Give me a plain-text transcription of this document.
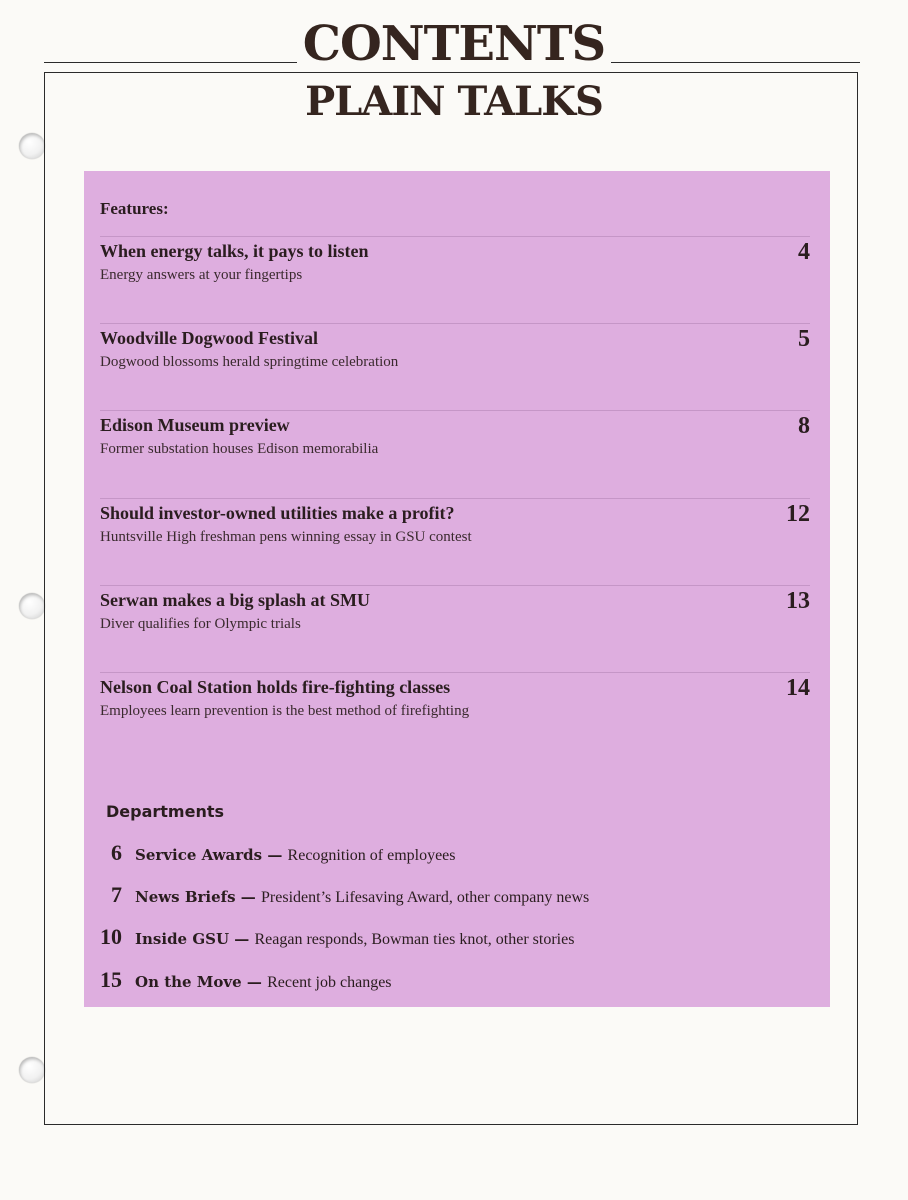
CONTENTS
PLAIN TALKS
Features:
When energy talks, it pays to listen
Energy answers at your fingertips
4
Woodville Dogwood Festival
Dogwood blossoms herald springtime celebration
5
Edison Museum preview
Former substation houses Edison memorabilia
8
Should investor-owned utilities make a profit?
Huntsville High freshman pens winning essay in GSU contest
12
Serwan makes a big splash at SMU
Diver qualifies for Olympic trials
13
Nelson Coal Station holds fire-fighting classes
Employees learn prevention is the best method of firefighting
14
Departments
6 Service Awards — Recognition of employees
7 News Briefs — President’s Lifesaving Award, other company news
10 Inside GSU — Reagan responds, Bowman ties knot, other stories
15 On the Move — Recent job changes
